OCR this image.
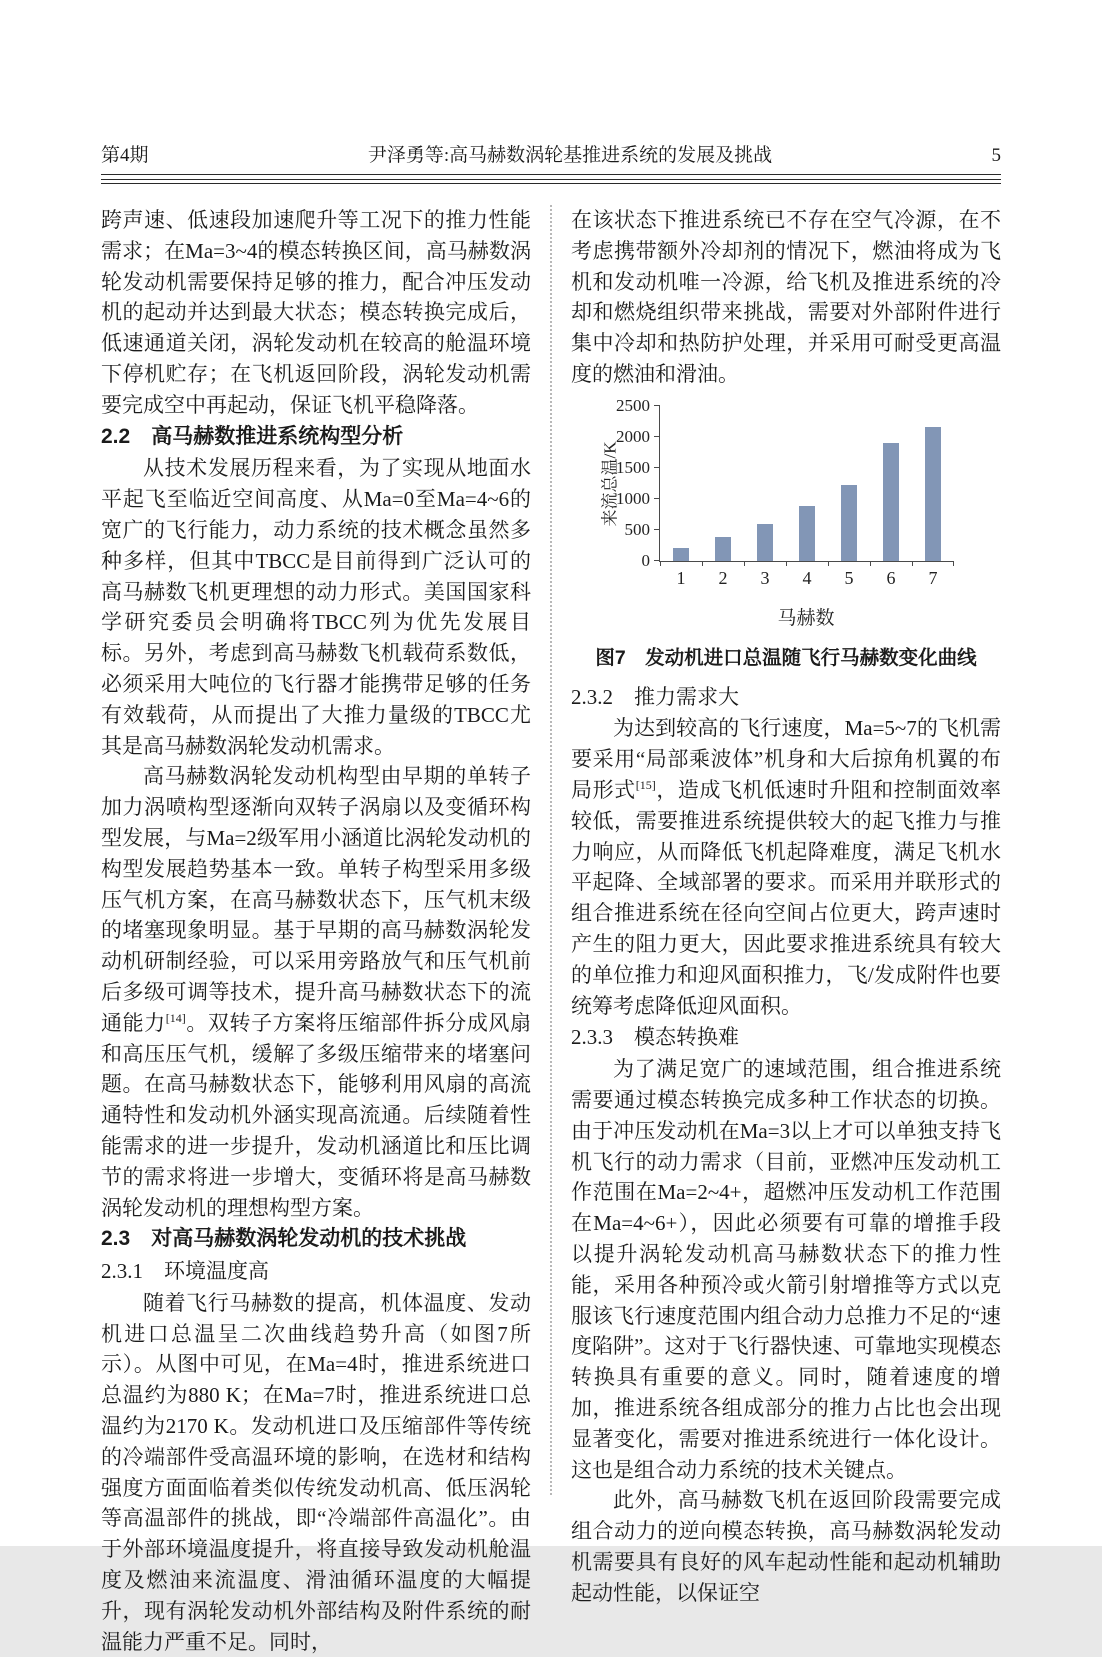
第4期	尹泽勇等:高马赫数涡轮基推进系统的发展及挑战	5

跨声速、低速段加速爬升等工况下的推力性能需求；在Ma=3~4的模态转换区间，高马赫数涡轮发动机需要保持足够的推力，配合冲压发动机的起动并达到最大状态；模态转换完成后，低速通道关闭，涡轮发动机在较高的舱温环境下停机贮存；在飞机返回阶段，涡轮发动机需要完成空中再起动，保证飞机平稳降落。

2.2　高马赫数推进系统构型分析

从技术发展历程来看，为了实现从地面水平起飞至临近空间高度、从Ma=0至Ma=4~6的宽广的飞行能力，动力系统的技术概念虽然多种多样，但其中TBCC是目前得到广泛认可的高马赫数飞机更理想的动力形式。美国国家科学研究委员会明确将TBCC列为优先发展目标。另外，考虑到高马赫数飞机载荷系数低，必须采用大吨位的飞行器才能携带足够的任务有效载荷，从而提出了大推力量级的TBCC尤其是高马赫数涡轮发动机需求。

高马赫数涡轮发动机构型由早期的单转子加力涡喷构型逐渐向双转子涡扇以及变循环构型发展，与Ma=2级军用小涵道比涡轮发动机的构型发展趋势基本一致。单转子构型采用多级压气机方案，在高马赫数状态下，压气机末级的堵塞现象明显。基于早期的高马赫数涡轮发动机研制经验，可以采用旁路放气和压气机前后多级可调等技术，提升高马赫数状态下的流通能力[14]。双转子方案将压缩部件拆分成风扇和高压压气机，缓解了多级压缩带来的堵塞问题。在高马赫数状态下，能够利用风扇的高流通特性和发动机外涵实现高流通。后续随着性能需求的进一步提升，发动机涵道比和压比调节的需求将进一步增大，变循环将是高马赫数涡轮发动机的理想构型方案。

2.3　对高马赫数涡轮发动机的技术挑战
2.3.1　环境温度高

随着飞行马赫数的提高，机体温度、发动机进口总温呈二次曲线趋势升高（如图7所示）。从图中可见，在Ma=4时，推进系统进口总温约为880 K；在Ma=7时，推进系统进口总温约为2170 K。发动机进口及压缩部件等传统的冷端部件受高温环境的影响，在选材和结构强度方面面临着类似传统发动机高、低压涡轮等高温部件的挑战，即“冷端部件高温化”。由于外部环境温度提升，将直接导致发动机舱温度及燃油来流温度、滑油循环温度的大幅提升，现有涡轮发动机外部结构及附件系统的耐温能力严重不足。同时，

在该状态下推进系统已不存在空气冷源，在不考虑携带额外冷却剂的情况下，燃油将成为飞机和发动机唯一冷源，给飞机及推进系统的冷却和燃烧组织带来挑战，需要对外部附件进行集中冷却和热防护处理，并采用可耐受更高温度的燃油和滑油。

来流总温/K
0
500
1000
1500
2000
2500
1	2	3	4	5	6	7
马赫数
图7　发动机进口总温随飞行马赫数变化曲线
2.3.2　推力需求大

为达到较高的飞行速度，Ma=5~7的飞机需要采用“局部乘波体”机身和大后掠角机翼的布局形式[15]，造成飞机低速时升阻和控制面效率较低，需要推进系统提供较大的起飞推力与推力响应，从而降低飞机起降难度，满足飞机水平起降、全域部署的要求。而采用并联形式的组合推进系统在径向空间占位更大，跨声速时产生的阻力更大，因此要求推进系统具有较大的单位推力和迎风面积推力，飞/发成附件也要统筹考虑降低迎风面积。

2.3.3　模态转换难

为了满足宽广的速域范围，组合推进系统需要通过模态转换完成多种工作状态的切换。由于冲压发动机在Ma=3以上才可以单独支持飞机飞行的动力需求（目前，亚燃冲压发动机工作范围在Ma=2~4+，超燃冲压发动机工作范围在Ma=4~6+），因此必须要有可靠的增推手段以提升涡轮发动机高马赫数状态下的推力性能，采用各种预冷或火箭引射增推等方式以克服该飞行速度范围内组合动力总推力不足的“速度陷阱”。这对于飞行器快速、可靠地实现模态转换具有重要的意义。同时，随着速度的增加，推进系统各组成部分的推力占比也会出现显著变化，需要对推进系统进行一体化设计。这也是组合动力系统的技术关键点。

此外，高马赫数飞机在返回阶段需要完成组合动力的逆向模态转换，高马赫数涡轮发动机需要具有良好的风车起动性能和起动机辅助起动性能，以保证空
